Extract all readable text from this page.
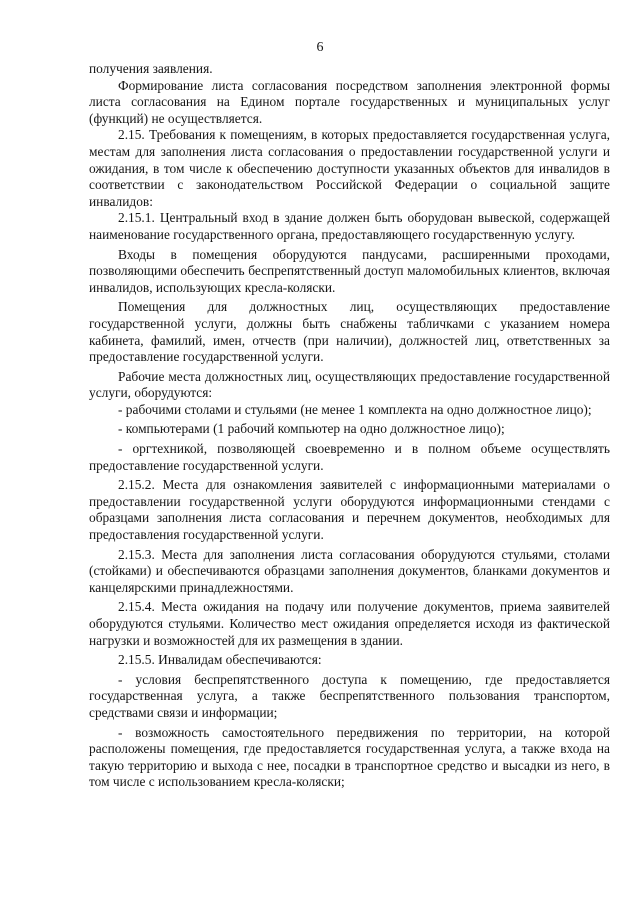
6

получения заявления.

Формирование листа согласования посредством заполнения электронной формы листа согласования на Едином портале государственных и муниципальных услуг (функций) не осуществляется.

2.15. Требования к помещениям, в которых предоставляется государственная услуга, местам для заполнения листа согласования о предоставлении государственной услуги и ожидания, в том числе к обеспечению доступности указанных объектов для инвалидов в соответствии с законодательством Российской Федерации о социальной защите инвалидов:

2.15.1. Центральный вход в здание должен быть оборудован вывеской, содержащей наименование государственного органа, предоставляющего государственную услугу.

Входы в помещения оборудуются пандусами, расширенными проходами, позволяющими обеспечить беспрепятственный доступ маломобильных клиентов, включая инвалидов, использующих кресла-коляски.

Помещения для должностных лиц, осуществляющих предоставление государственной услуги, должны быть снабжены табличками с указанием номера кабинета, фамилий, имен, отчеств (при наличии), должностей лиц, ответственных за предоставление государственной услуги.

Рабочие места должностных лиц, осуществляющих предоставление государственной услуги, оборудуются:

- рабочими столами и стульями (не менее 1 комплекта на одно должностное лицо);

- компьютерами (1 рабочий компьютер на одно должностное лицо);

- оргтехникой, позволяющей своевременно и в полном объеме осуществлять предоставление государственной услуги.

2.15.2. Места для ознакомления заявителей с информационными материалами о предоставлении государственной услуги оборудуются информационными стендами с образцами заполнения листа согласования и перечнем документов, необходимых для предоставления государственной услуги.

2.15.3. Места для заполнения листа согласования оборудуются стульями, столами (стойками) и обеспечиваются образцами заполнения документов, бланками документов и канцелярскими принадлежностями.

2.15.4. Места ожидания на подачу или получение документов, приема заявителей оборудуются стульями. Количество мест ожидания определяется исходя из фактической нагрузки и возможностей для их размещения в здании.

2.15.5. Инвалидам обеспечиваются:

- условия беспрепятственного доступа к помещению, где предоставляется государственная услуга, а также беспрепятственного пользования транспортом, средствами связи и информации;

- возможность самостоятельного передвижения по территории, на которой расположены помещения, где предоставляется государственная услуга, а также входа на такую территорию и выхода с нее, посадки в транспортное средство и высадки из него, в том числе с использованием кресла-коляски;
